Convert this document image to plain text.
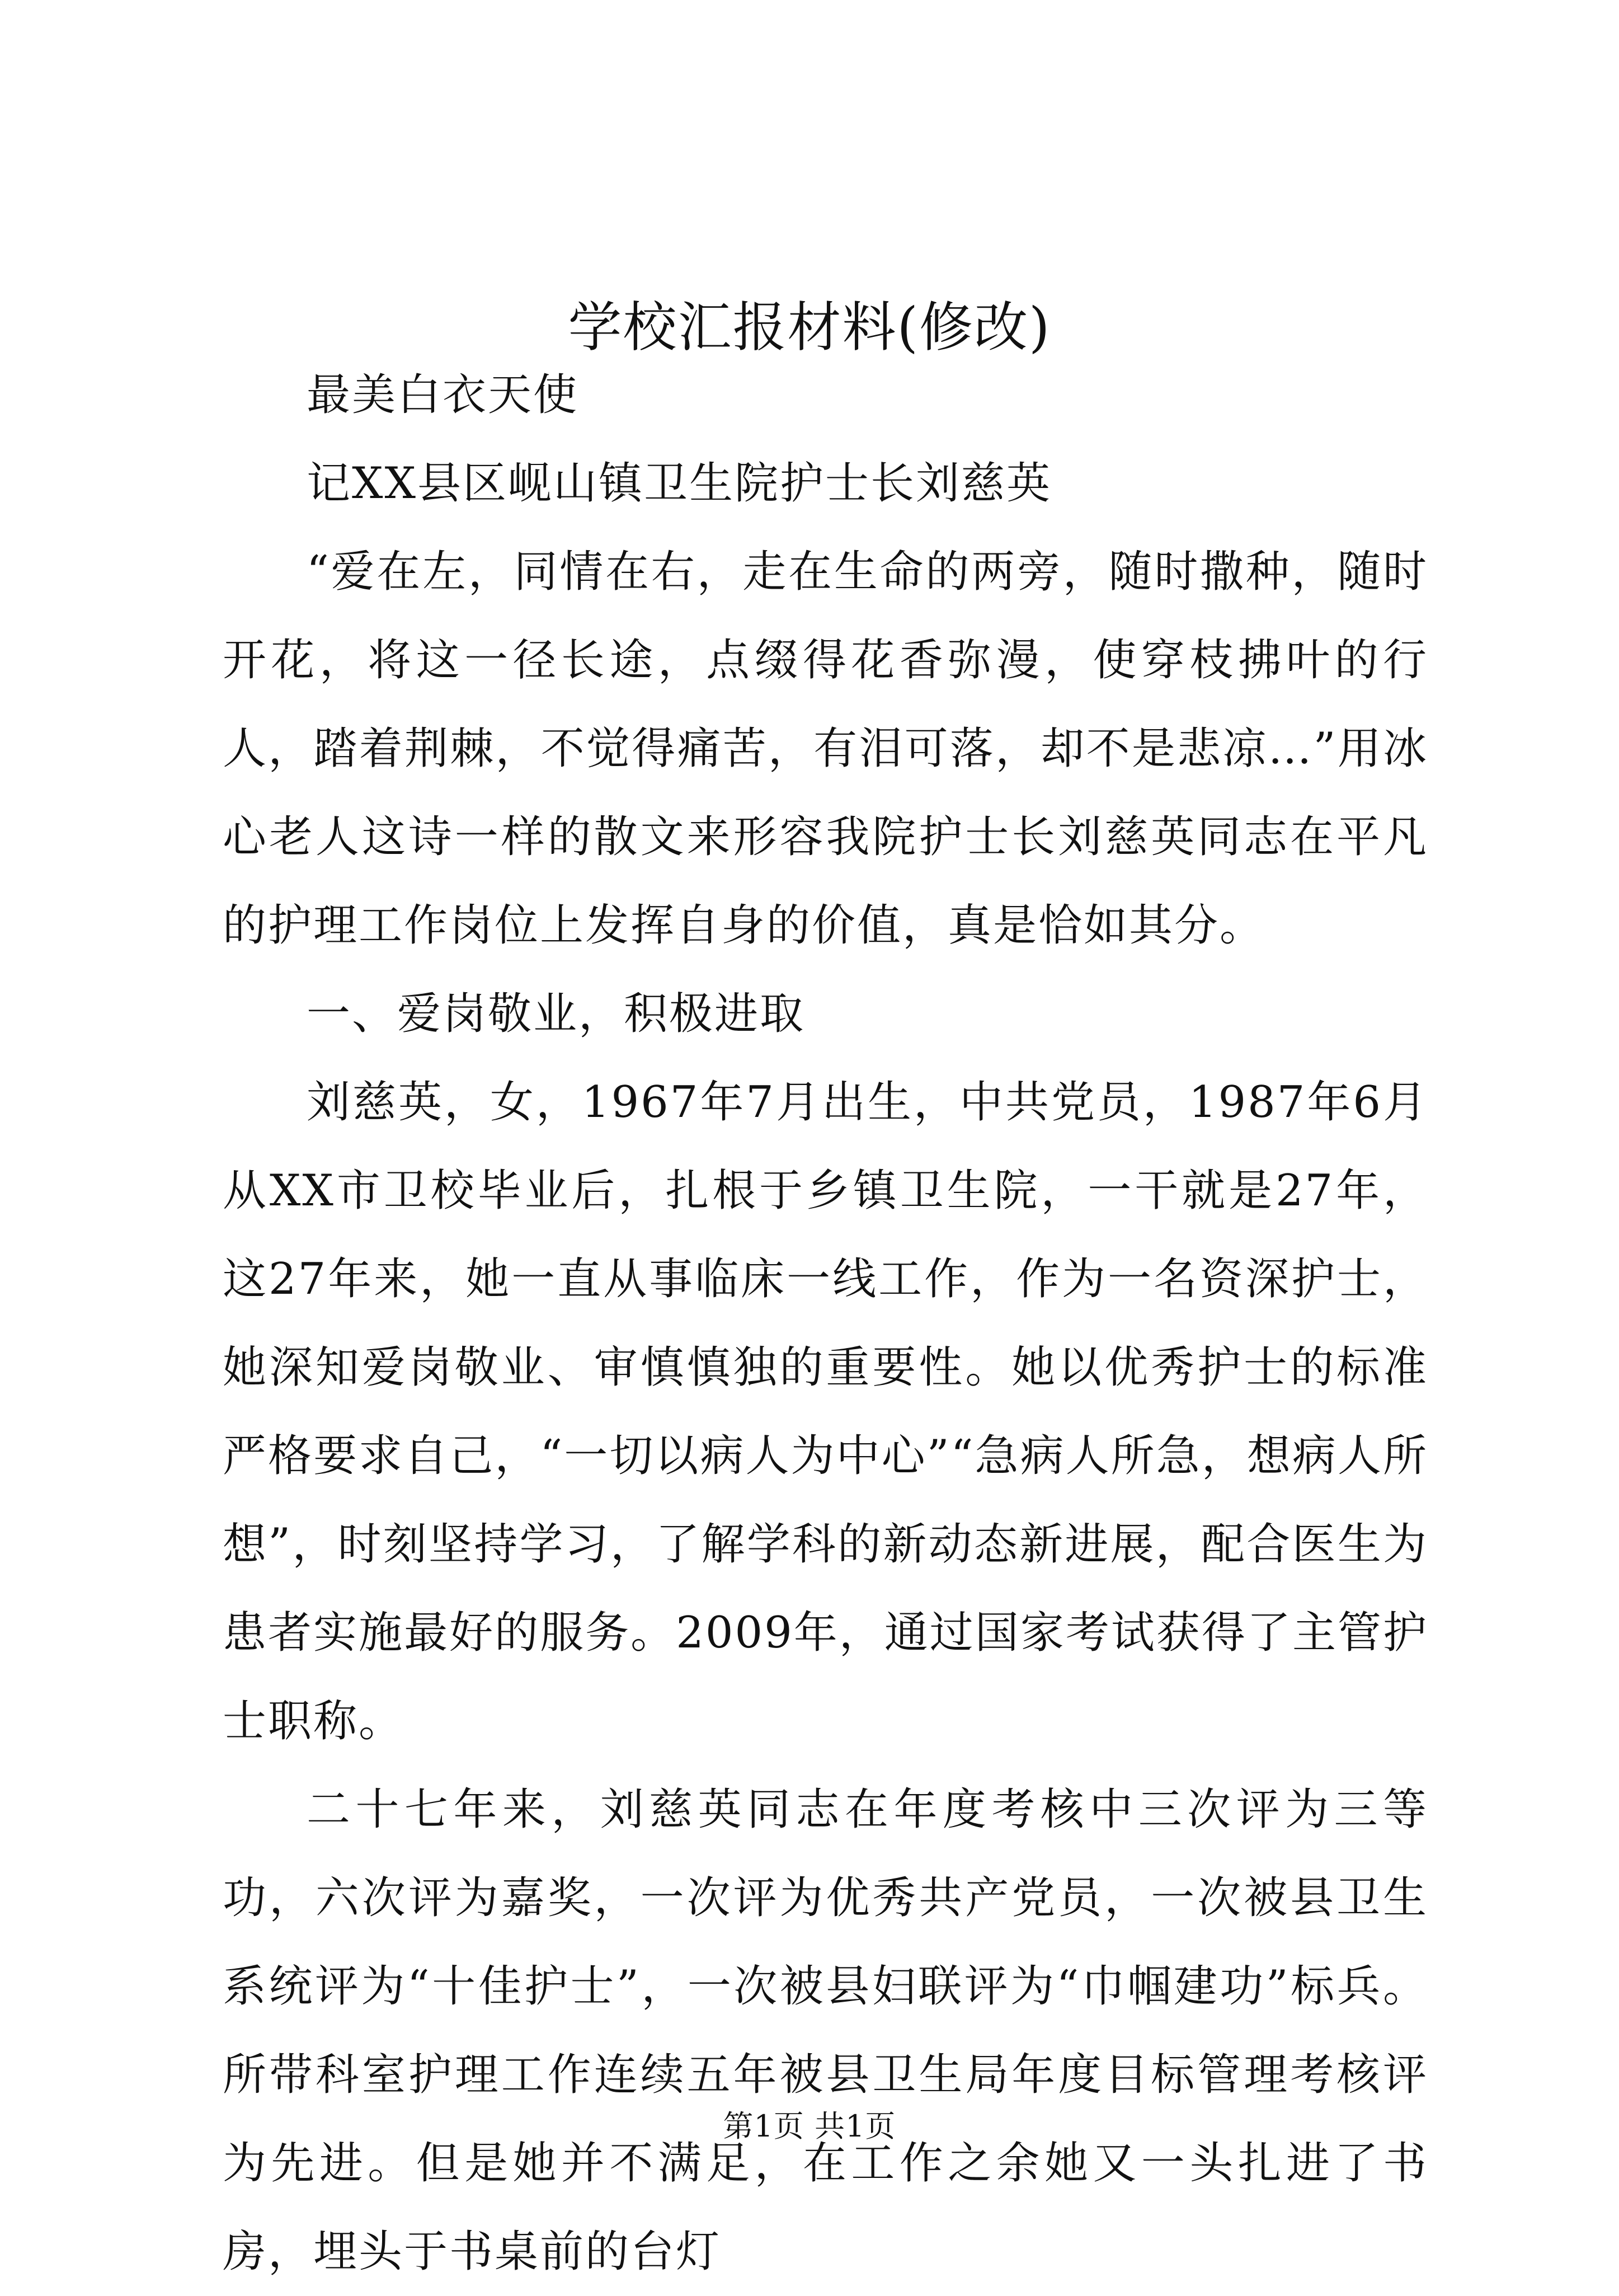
学校汇报材料(修改)

最美白衣天使

记XX县区岘山镇卫生院护士长刘慈英

“爱在左，同情在右，走在生命的两旁，随时撒种，随时开花，将这一径长途，点缀得花香弥漫，使穿枝拂叶的行人，踏着荆棘，不觉得痛苦，有泪可落，却不是悲凉…”用冰心老人这诗一样的散文来形容我院护士长刘慈英同志在平凡的护理工作岗位上发挥自身的价值，真是恰如其分。

一、爱岗敬业，积极进取

刘慈英，女，1967年7月出生，中共党员，1987年6月从XX市卫校毕业后，扎根于乡镇卫生院，一干就是27年，这27年来，她一直从事临床一线工作，作为一名资深护士，她深知爱岗敬业、审慎慎独的重要性。她以优秀护士的标准严格要求自己，“一切以病人为中心”“急病人所急，想病人所想”，时刻坚持学习，了解学科的新动态新进展，配合医生为患者实施最好的服务。2009年，通过国家考试获得了主管护士职称。

二十七年来，刘慈英同志在年度考核中三次评为三等功，六次评为嘉奖，一次评为优秀共产党员，一次被县卫生系统评为“十佳护士”，一次被县妇联评为“巾帼建功”标兵。所带科室护理工作连续五年被县卫生局年度目标管理考核评为先进。但是她并不满足，在工作之余她又一头扎进了书房，埋头于书桌前的台灯

第1页 共1页
